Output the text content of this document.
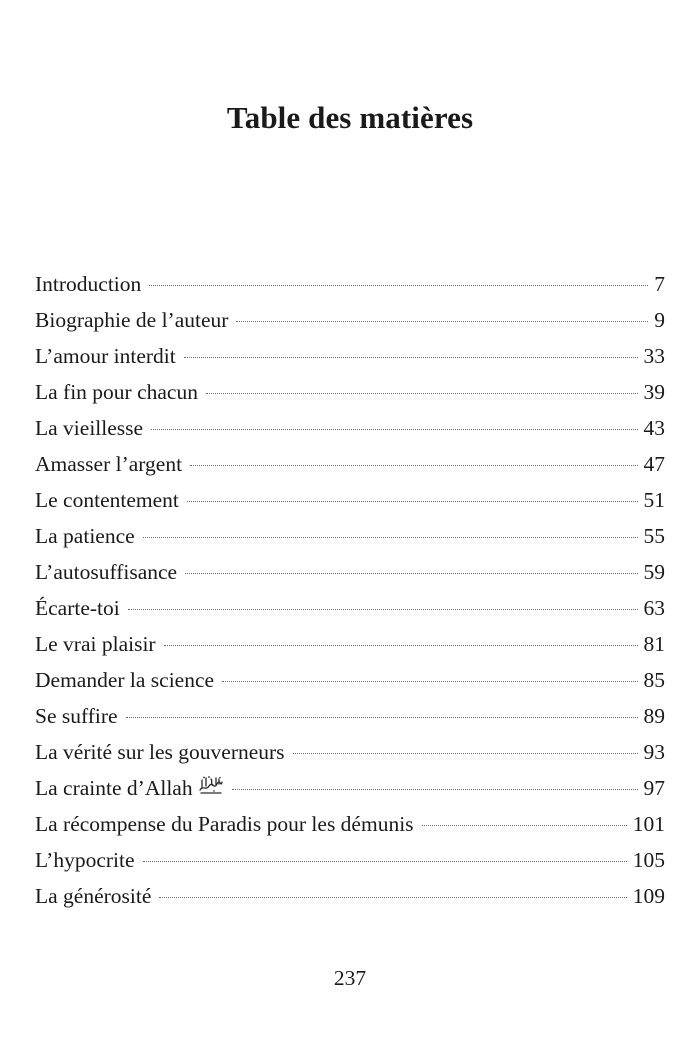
Table des matières
Introduction	7
Biographie de l’auteur	9
L’amour interdit	33
La fin pour chacun	39
La vieillesse	43
Amasser l’argent	47
Le contentement	51
La patience	55
L’autosuffisance	59
Écarte-toi	63
Le vrai plaisir	81
Demander la science	85
Se suffire	89
La vérité sur les gouverneurs	93
La crainte d’Allah	97
La récompense du Paradis pour les démunis	101
L’hypocrite	105
La générosité	109
237
